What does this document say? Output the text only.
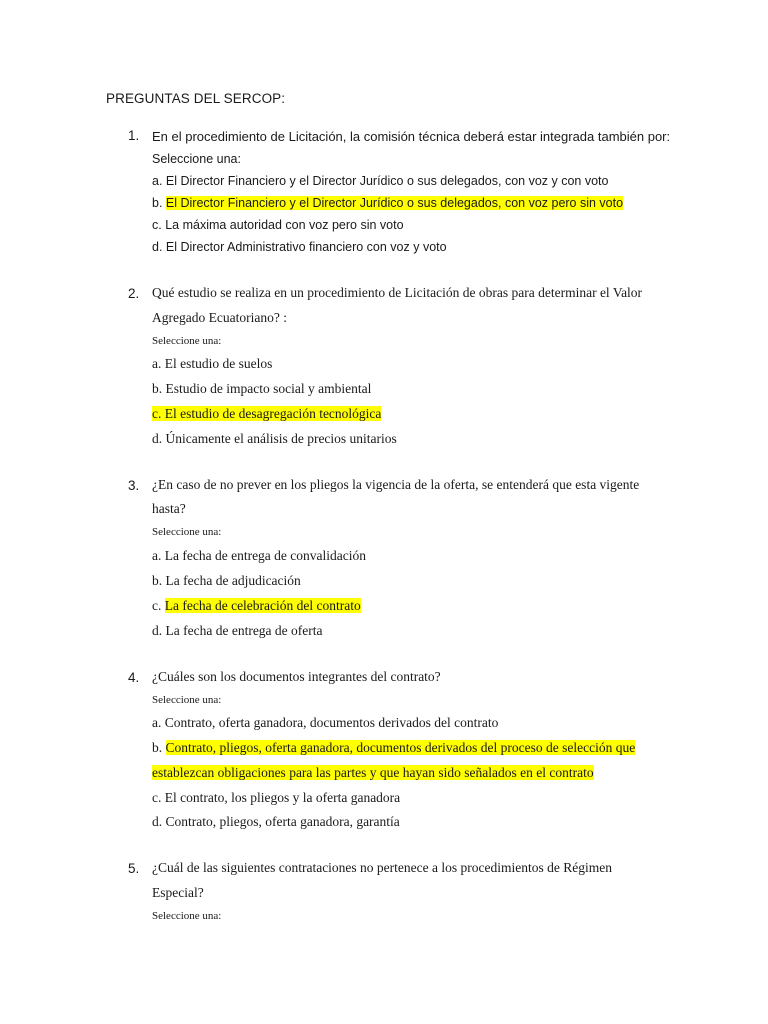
PREGUNTAS DEL SERCOP:
1. En el procedimiento de Licitación, la comisión técnica deberá estar integrada también por:
Seleccione una:
a. El Director Financiero y el Director Jurídico o sus delegados, con voz y con voto
b. El Director Financiero y el Director Jurídico o sus delegados, con voz pero sin voto
c. La máxima autoridad con voz pero sin voto
d. El Director Administrativo financiero con voz y voto
2. Qué estudio se realiza en un procedimiento de Licitación de obras para determinar el Valor
Agregado Ecuatoriano? :
Seleccione una:
a. El estudio de suelos
b. Estudio de impacto social y ambiental
c. El estudio de desagregación tecnológica
d. Únicamente el análisis de precios unitarios
3. ¿En caso de no prever en los pliegos la vigencia de la oferta, se entenderá que esta vigente
hasta?
Seleccione una:
a. La fecha de entrega de convalidación
b. La fecha de adjudicación
c. La fecha de celebración del contrato
d. La fecha de entrega de oferta
4. ¿Cuáles son los documentos integrantes del contrato?
Seleccione una:
a. Contrato, oferta ganadora, documentos derivados del contrato
b. Contrato, pliegos, oferta ganadora, documentos derivados del proceso de selección que
establezcan obligaciones para las partes y que hayan sido señalados en el contrato
c. El contrato, los pliegos y la oferta ganadora
d. Contrato, pliegos, oferta ganadora, garantía
5. ¿Cuál de las siguientes contrataciones no pertenece a los procedimientos de Régimen
Especial?
Seleccione una:
